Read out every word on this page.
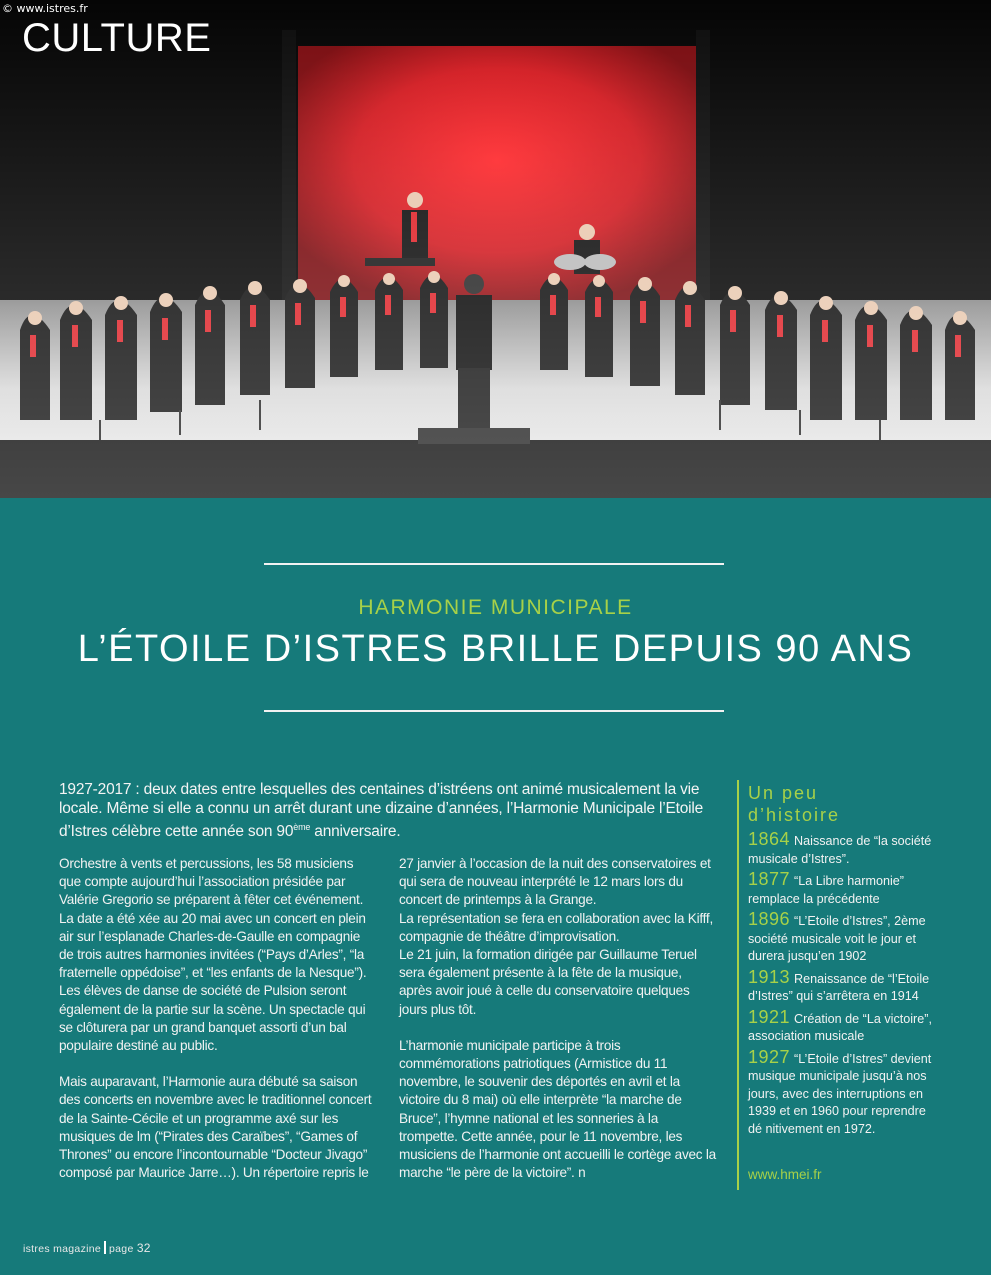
© www.istres.fr
CULTURE
HARMONIE MUNICIPALE
L’ÉTOILE D’ISTRES BRILLE DEPUIS 90 ANS
1927-2017 : deux dates entre lesquelles des centaines d’istréens ont animé musicalement la vie locale. Même si elle a connu un arrêt durant une dizaine d’années, l’Harmonie Municipale l’Etoile d’Istres célèbre cette année son 90ème anniversaire.

Orchestre à vents et percussions, les 58 musiciens que compte aujourd’hui l’association présidée par Valérie Gregorio se préparent à fêter cet événement. La date a été xée au 20 mai avec un concert en plein air sur l’esplanade Charles-de-Gaulle en compagnie de trois autres harmonies invitées (“Pays d’Arles”, “la fraternelle oppédoise”, et “les enfants de la Nesque”). Les élèves de danse de société de Pulsion seront également de la partie sur la scène. Un spectacle qui se clôturera par un grand banquet assorti d’un bal populaire destiné au public.

Mais auparavant, l’Harmonie aura débuté sa saison des concerts en novembre avec le traditionnel concert de la Sainte-Cécile et un programme axé sur les musiques de lm (“Pirates des Caraïbes”, “Games of Thrones” ou encore l’incontournable “Docteur Jivago” composé par Maurice Jarre…). Un répertoire repris le

27 janvier à l’occasion de la nuit des conservatoires et qui sera de nouveau interprété le 12 mars lors du concert de printemps à la Grange.

La représentation se fera en collaboration avec la Kifff, compagnie de théâtre d’improvisation.

Le 21 juin, la formation dirigée par Guillaume Teruel sera également présente à la fête de la musique, après avoir joué à celle du conservatoire quelques jours plus tôt.

L’harmonie municipale participe à trois commémorations patriotiques (Armistice du 11 novembre, le souvenir des déportés en avril et la victoire du 8 mai) où elle interprète “la marche de Bruce”, l’hymne national et les sonneries à la trompette. Cette année, pour le 11 novembre, les musiciens de l’harmonie ont accueilli le cortège avec la marche “le père de la victoire”. n

Un peu
d’histoire
1864 Naissance de “la société musicale d’Istres”.
1877 “La Libre harmonie” remplace la précédente
1896 “L’Etoile d’Istres”, 2ème société musicale voit le jour et durera jusqu’en 1902
1913 Renaissance de “l’Etoile d’Istres” qui s’arrêtera en 1914
1921 Création de “La victoire”, association musicale
1927 “L’Etoile d’Istres” devient musique municipale jusqu’à nos jours, avec des interruptions en 1939 et en 1960 pour reprendre dé nitivement en 1972.
www.hmei.fr
istres magazine page 32
